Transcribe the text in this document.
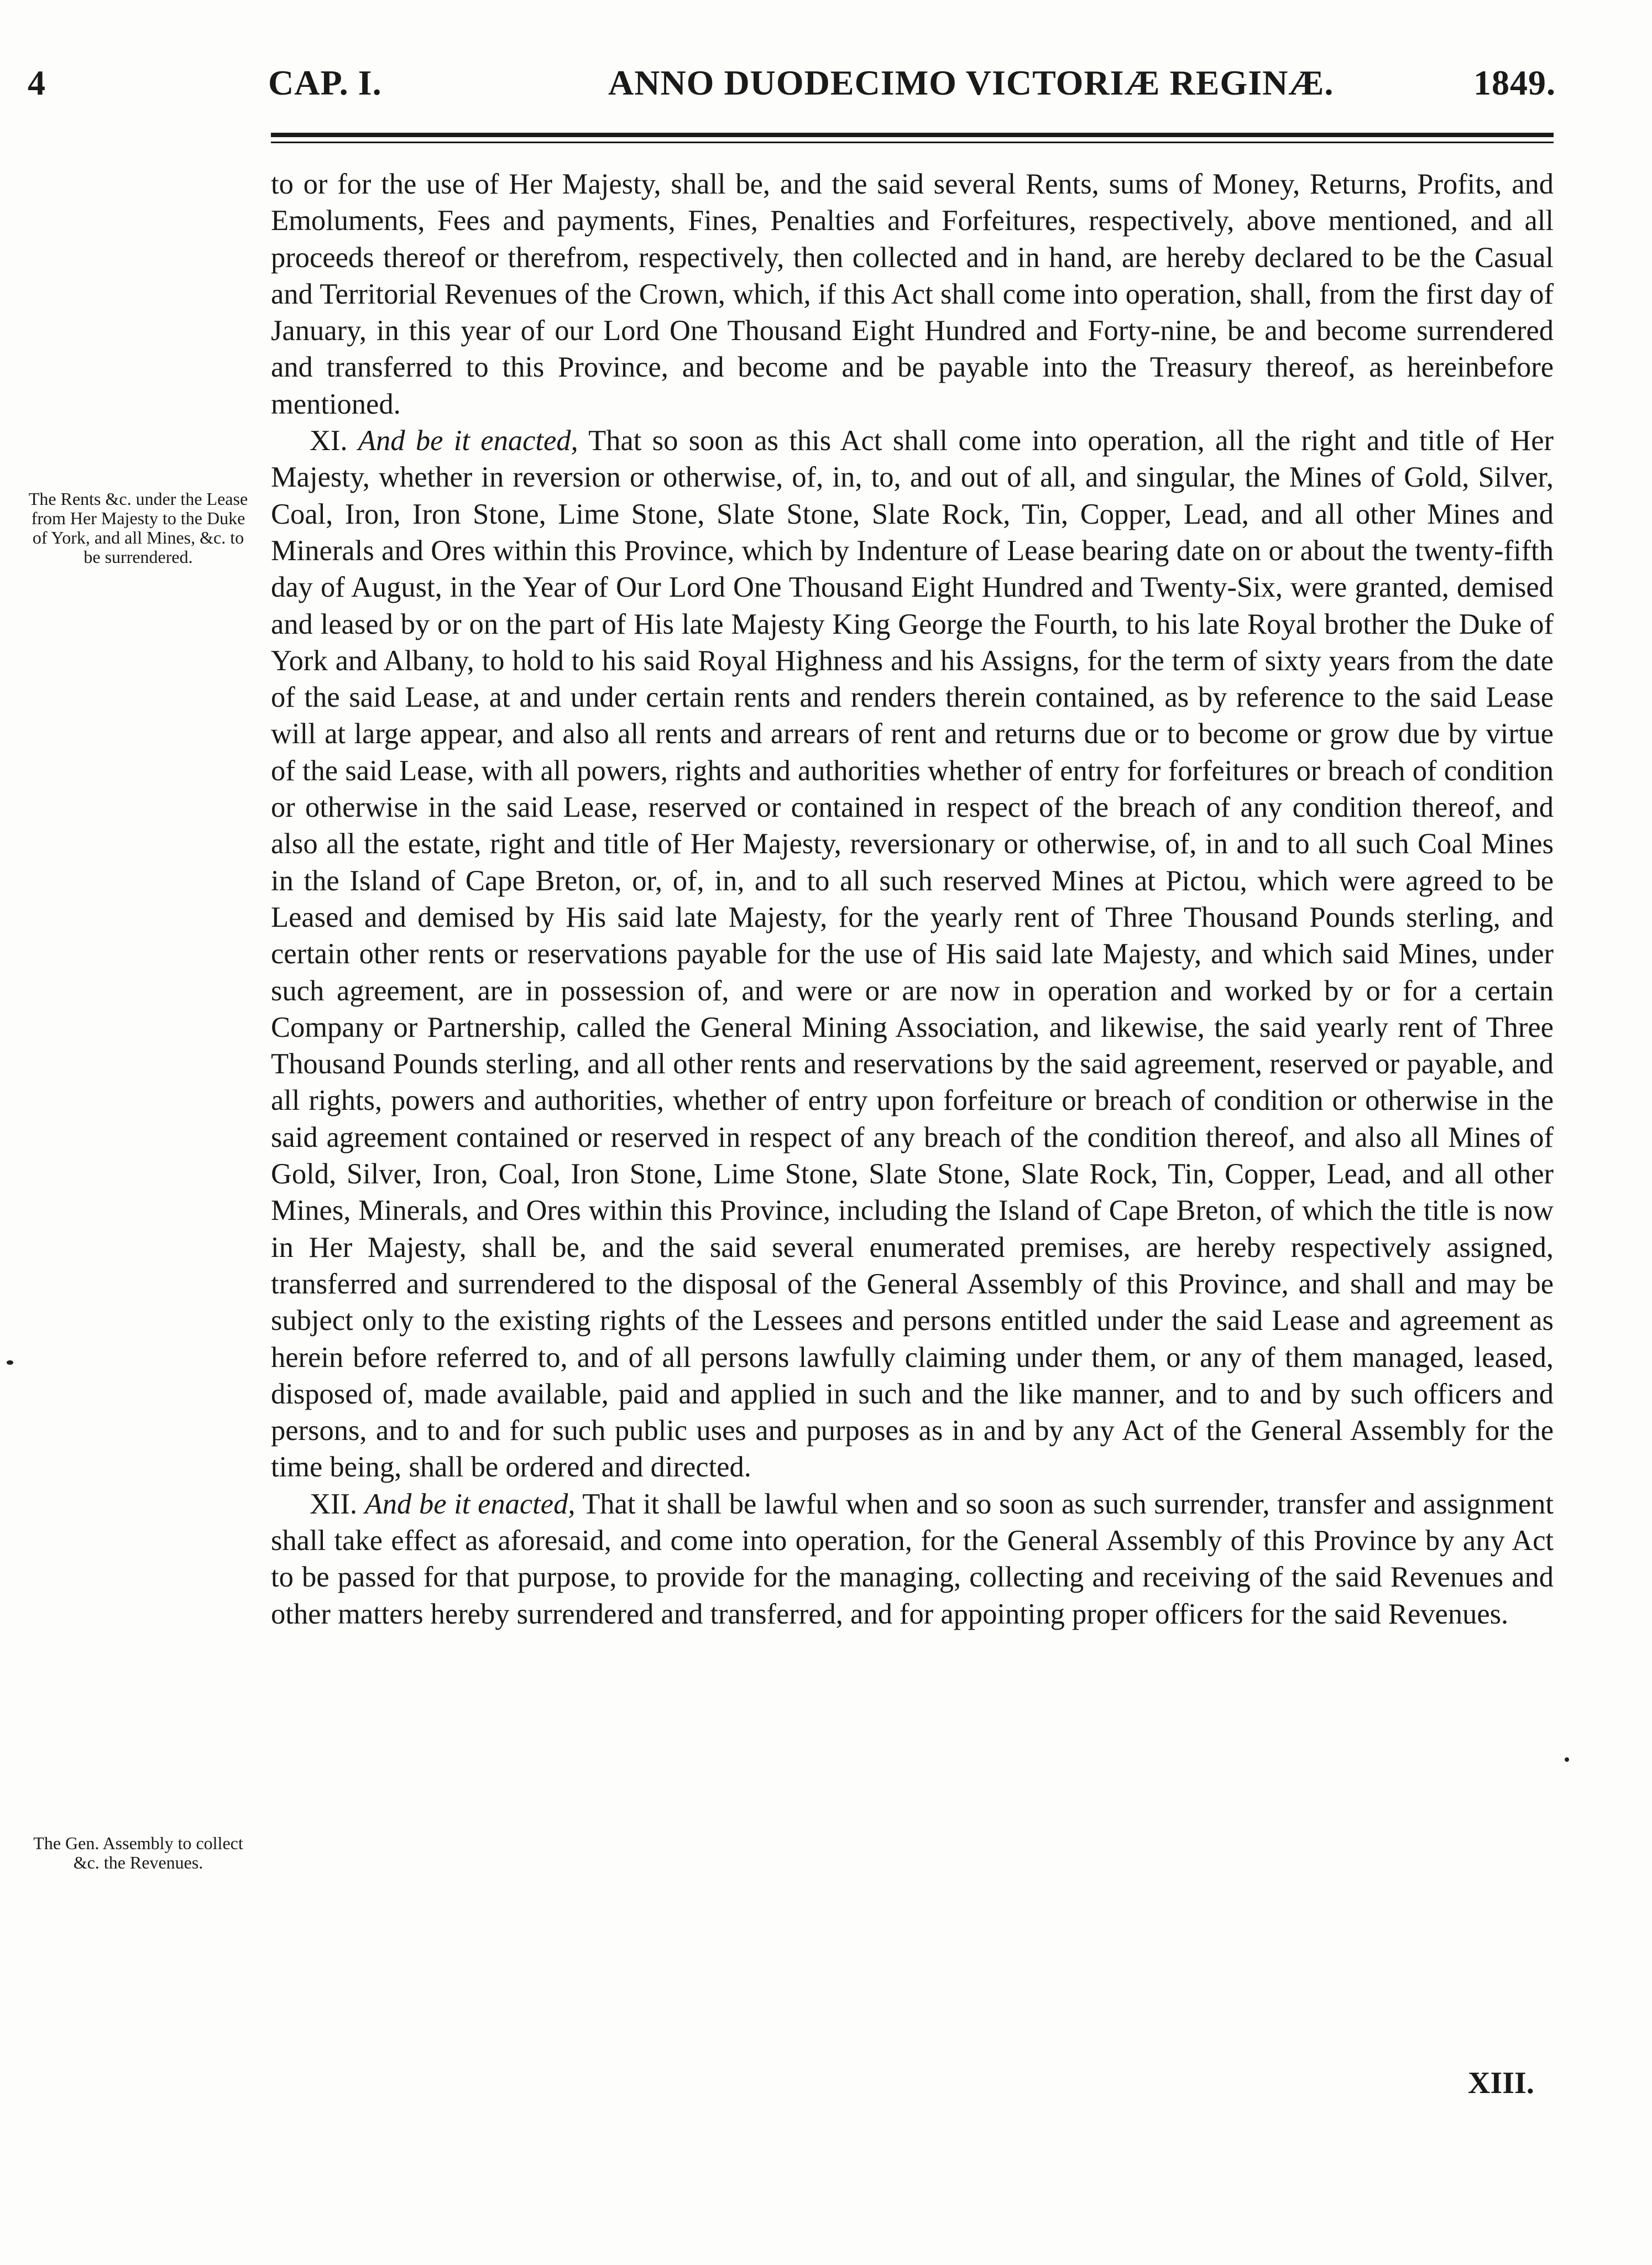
4	CAP. I.	ANNO DUODECIMO VICTORIÆ REGINÆ.	1849.
The Rents &c. under the Lease from Her Majesty to the Duke of York, and all Mines, &c. to be surrendered.
The Gen. Assembly to collect &c. the Revenues.

to or for the use of Her Majesty, shall be, and the said several Rents, sums of Money, Returns, Profits, and Emoluments, Fees and payments, Fines, Penalties and Forfeitures, respectively, above mentioned, and all proceeds thereof or therefrom, respectively, then collected and in hand, are hereby declared to be the Casual and Territorial Revenues of the Crown, which, if this Act shall come into operation, shall, from the first day of January, in this year of our Lord One Thousand Eight Hundred and Forty-nine, be and become surrendered and transferred to this Province, and become and be payable into the Treasury thereof, as hereinbefore mentioned.

XI. And be it enacted, That so soon as this Act shall come into operation, all the right and title of Her Majesty, whether in reversion or otherwise, of, in, to, and out of all, and singular, the Mines of Gold, Silver, Coal, Iron, Iron Stone, Lime Stone, Slate Stone, Slate Rock, Tin, Copper, Lead, and all other Mines and Minerals and Ores within this Province, which by Indenture of Lease bearing date on or about the twenty-fifth day of August, in the Year of Our Lord One Thousand Eight Hundred and Twenty-Six, were granted, demised and leased by or on the part of His late Majesty King George the Fourth, to his late Royal brother the Duke of York and Albany, to hold to his said Royal Highness and his Assigns, for the term of sixty years from the date of the said Lease, at and under certain rents and renders therein contained, as by reference to the said Lease will at large appear, and also all rents and arrears of rent and returns due or to become or grow due by virtue of the said Lease, with all powers, rights and authorities whether of entry for forfeitures or breach of condition or otherwise in the said Lease, reserved or contained in respect of the breach of any condition thereof, and also all the estate, right and title of Her Majesty, reversionary or otherwise, of, in and to all such Coal Mines in the Island of Cape Breton, or, of, in, and to all such reserved Mines at Pictou, which were agreed to be Leased and demised by His said late Majesty, for the yearly rent of Three Thousand Pounds sterling, and certain other rents or reservations payable for the use of His said late Majesty, and which said Mines, under such agreement, are in possession of, and were or are now in operation and worked by or for a certain Company or Partnership, called the General Mining Association, and likewise, the said yearly rent of Three Thousand Pounds sterling, and all other rents and reservations by the said agreement, reserved or payable, and all rights, powers and authorities, whether of entry upon forfeiture or breach of condition or otherwise in the said agreement contained or reserved in respect of any breach of the condition thereof, and also all Mines of Gold, Silver, Iron, Coal, Iron Stone, Lime Stone, Slate Stone, Slate Rock, Tin, Copper, Lead, and all other Mines, Minerals, and Ores within this Province, including the Island of Cape Breton, of which the title is now in Her Majesty, shall be, and the said several enumerated premises, are hereby respectively assigned, transferred and surrendered to the disposal of the General Assembly of this Province, and shall and may be subject only to the existing rights of the Lessees and persons entitled under the said Lease and agreement as herein before referred to, and of all persons lawfully claiming under them, or any of them managed, leased, disposed of, made available, paid and applied in such and the like manner, and to and by such officers and persons, and to and for such public uses and purposes as in and by any Act of the General Assembly for the time being, shall be ordered and directed.

XII. And be it enacted, That it shall be lawful when and so soon as such surrender, transfer and assignment shall take effect as aforesaid, and come into operation, for the General Assembly of this Province by any Act to be passed for that purpose, to provide for the managing, collecting and receiving of the said Revenues and other matters hereby surrendered and transferred, and for appointing proper officers for the said Revenues.

XIII.
